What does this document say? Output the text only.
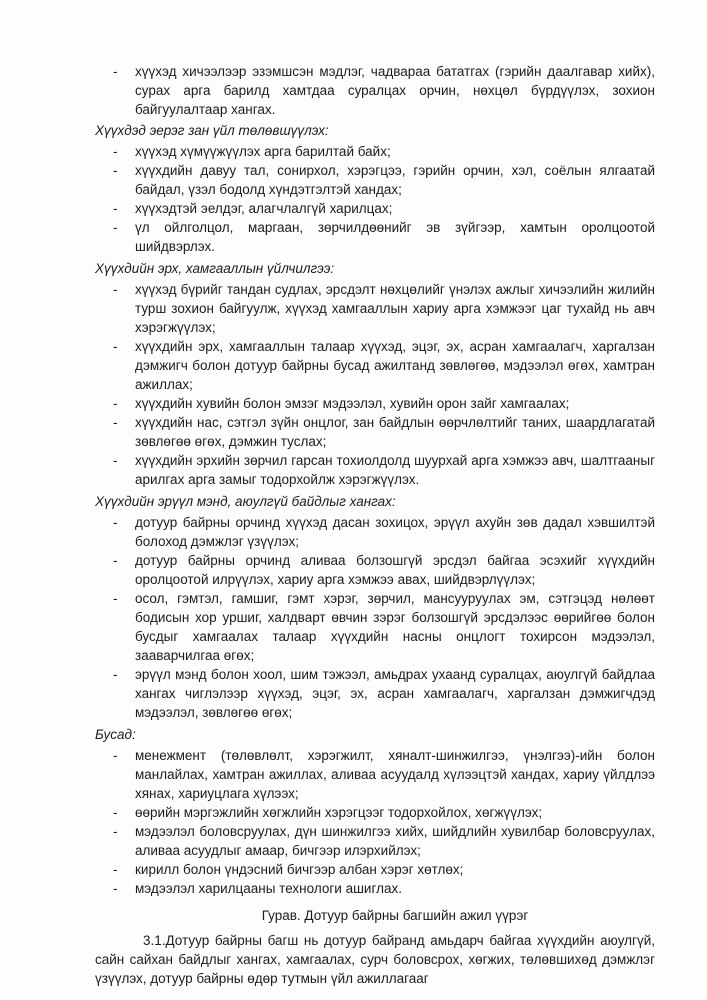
- хүүхэд хичээлээр эзэмшсэн мэдлэг, чадвараа бататгах (гэрийн даалгавар хийх), сурах арга барилд хамтдаа суралцах орчин, нөхцөл бүрдүүлэх, зохион байгуулалтаар хангах.
Хүүхдэд эерэг зан үйл төлөвшүүлэх:
- хүүхэд хүмүүжүүлэх арга барилтай байх;
- хүүхдийн давуу тал, сонирхол, хэрэгцээ, гэрийн орчин, хэл, соёлын ялгаатай байдал, үзэл бодолд хүндэтгэлтэй хандах;
- хүүхэдтэй эелдэг, алагчлалгүй харилцах;
- үл ойлголцол, маргаан, зөрчилдөөнийг эв зүйгээр, хамтын оролцоотой шийдвэрлэх.
Хүүхдийн эрх, хамгааллын үйлчилгээ:
- хүүхэд бүрийг тандан судлах, эрсдэлт нөхцөлийг үнэлэх ажлыг хичээлийн жилийн турш зохион байгуулж, хүүхэд хамгааллын хариу арга хэмжээг цаг тухайд нь авч хэрэгжүүлэх;
- хүүхдийн эрх, хамгааллын талаар хүүхэд, эцэг, эх, асран хамгаалагч, харгалзан дэмжигч болон дотуур байрны бусад ажилтанд зөвлөгөө, мэдээлэл өгөх, хамтран ажиллах;
- хүүхдийн хувийн болон эмзэг мэдээлэл, хувийн орон зайг хамгаалах;
- хүүхдийн нас, сэтгэл зүйн онцлог, зан байдлын өөрчлөлтийг таних, шаардлагатай зөвлөгөө өгөх, дэмжин туслах;
- хүүхдийн эрхийн зөрчил гарсан тохиолдолд шуурхай арга хэмжээ авч, шалтгааныг арилгах арга замыг тодорхойлж хэрэгжүүлэх.
Хүүхдийн эрүүл мэнд, аюулгүй байдлыг хангах:
- дотуур байрны орчинд хүүхэд дасан зохицох, эрүүл ахуйн зөв дадал хэвшилтэй болоход дэмжлэг үзүүлэх;
- дотуур байрны орчинд аливаа болзошгүй эрсдэл байгаа эсэхийг хүүхдийн оролцоотой илрүүлэх, хариу арга хэмжээ авах, шийдвэрлүүлэх;
- осол, гэмтэл, гамшиг, гэмт хэрэг, зөрчил, мансууруулах эм, сэтгэцэд нөлөөт бодисын хор уршиг, халдварт өвчин зэрэг болзошгүй эрсдэлээс өөрийгөө болон бусдыг хамгаалах талаар хүүхдийн насны онцлогт тохирсон мэдээлэл, зааварчилгаа өгөх;
- эрүүл мэнд болон хоол, шим тэжээл, амьдрах ухаанд суралцах, аюулгүй байдлаа хангах чиглэлээр хүүхэд, эцэг, эх, асран хамгаалагч, харгалзан дэмжигчдэд мэдээлэл, зөвлөгөө өгөх;
Бусад:
- менежмент (төлөвлөлт, хэрэгжилт, хяналт-шинжилгээ, үнэлгээ)-ийн болон манлайлах, хамтран ажиллах, аливаа асуудалд хүлээцтэй хандах, хариу үйлдлээ хянах, хариуцлага хүлээх;
- өөрийн мэргэжлийн хөгжлийн хэрэгцээг тодорхойлох, хөгжүүлэх;
- мэдээлэл боловсруулах, дүн шинжилгээ хийх, шийдлийн хувилбар боловсруулах, аливаа асуудлыг амаар, бичгээр илэрхийлэх;
- кирилл болон үндэсний бичгээр албан хэрэг хөтлөх;
- мэдээлэл харилцааны технологи ашиглах.
Гурав. Дотуур байрны багшийн ажил үүрэг

3.1.Дотуур байрны багш нь дотуур байранд амьдарч байгаа хүүхдийн аюулгүй, сайн сайхан байдлыг хангах, хамгаалах, сурч боловсрох, хөгжих, төлөвшихөд дэмжлэг үзүүлэх, дотуур байрны өдөр тутмын үйл ажиллагааг
